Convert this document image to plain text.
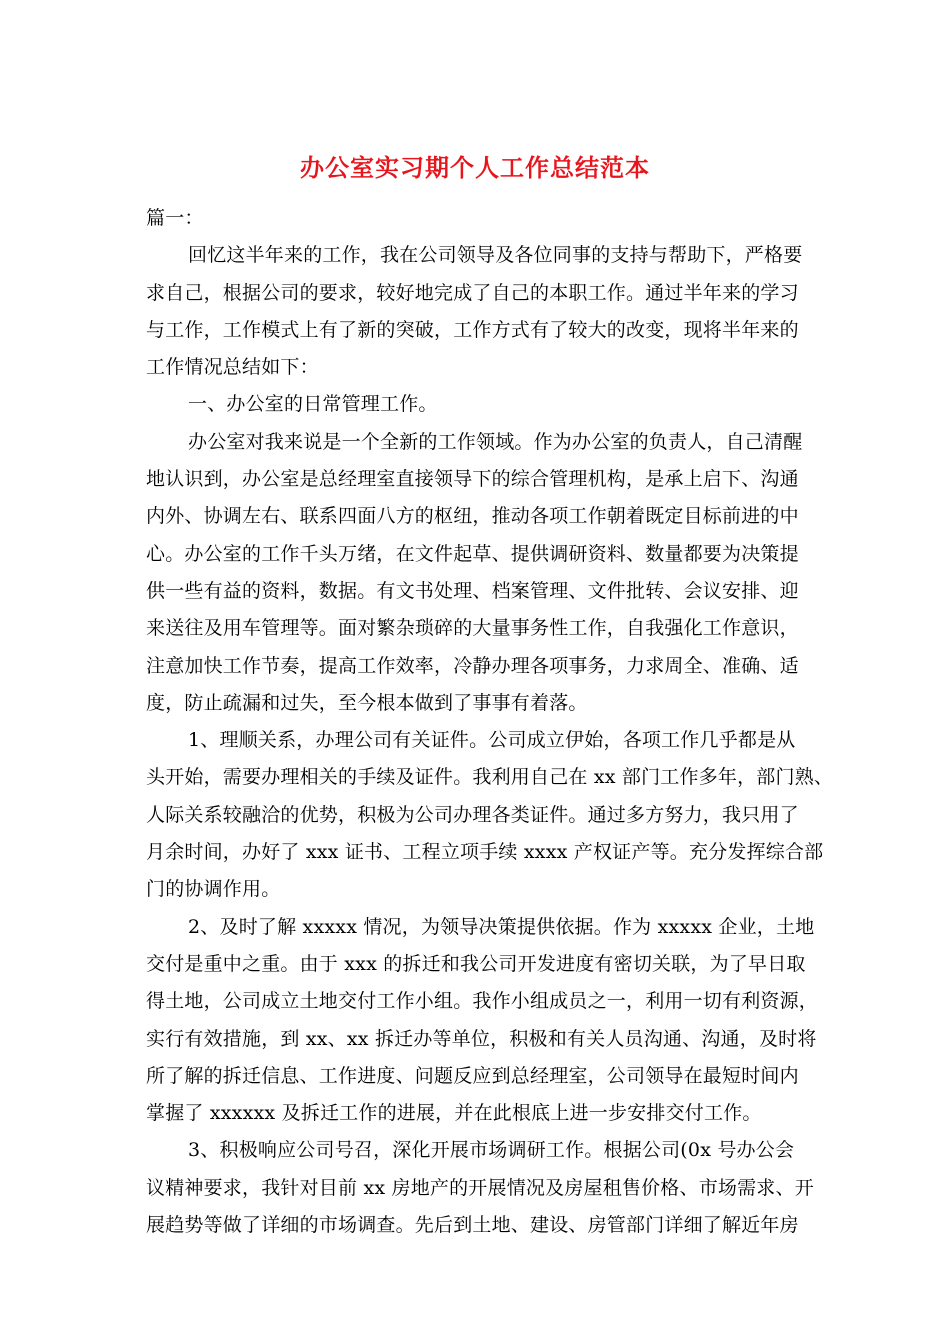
办公室实习期个人工作总结范本
篇一：
回忆这半年来的工作，我在公司领导及各位同事的支持与帮助下，严格要
求自己，根据公司的要求，较好地完成了自己的本职工作。通过半年来的学习
与工作，工作模式上有了新的突破，工作方式有了较大的改变，现将半年来的
工作情况总结如下：
一、办公室的日常管理工作。
办公室对我来说是一个全新的工作领域。作为办公室的负责人，自己清醒
地认识到，办公室是总经理室直接领导下的综合管理机构，是承上启下、沟通
内外、协调左右、联系四面八方的枢纽，推动各项工作朝着既定目标前进的中
心。办公室的工作千头万绪，在文件起草、提供调研资料、数量都要为决策提
供一些有益的资料，数据。有文书处理、档案管理、文件批转、会议安排、迎
来送往及用车管理等。面对繁杂琐碎的大量事务性工作，自我强化工作意识，
注意加快工作节奏，提高工作效率，冷静办理各项事务，力求周全、准确、适
度，防止疏漏和过失，至今根本做到了事事有着落。
1、理顺关系，办理公司有关证件。公司成立伊始，各项工作几乎都是从
头开始，需要办理相关的手续及证件。我利用自己在 xx 部门工作多年，部门熟、
人际关系较融洽的优势，积极为公司办理各类证件。通过多方努力，我只用了
月余时间，办好了 xxx 证书、工程立项手续 xxxx 产权证产等。充分发挥综合部
门的协调作用。
2、及时了解 xxxxx 情况，为领导决策提供依据。作为 xxxxx 企业，土地
交付是重中之重。由于 xxx 的拆迁和我公司开发进度有密切关联，为了早日取
得土地，公司成立土地交付工作小组。我作小组成员之一，利用一切有利资源，
实行有效措施，到 xx、xx 拆迁办等单位，积极和有关人员沟通、沟通，及时将
所了解的拆迁信息、工作进度、问题反应到总经理室，公司领导在最短时间内
掌握了 xxxxxx 及拆迁工作的进展，并在此根底上进一步安排交付工作。
3、积极响应公司号召，深化开展市场调研工作。根据公司(0x 号办公会
议精神要求，我针对目前 xx 房地产的开展情况及房屋租售价格、市场需求、开
展趋势等做了详细的市场调查。先后到土地、建设、房管部门详细了解近年房
